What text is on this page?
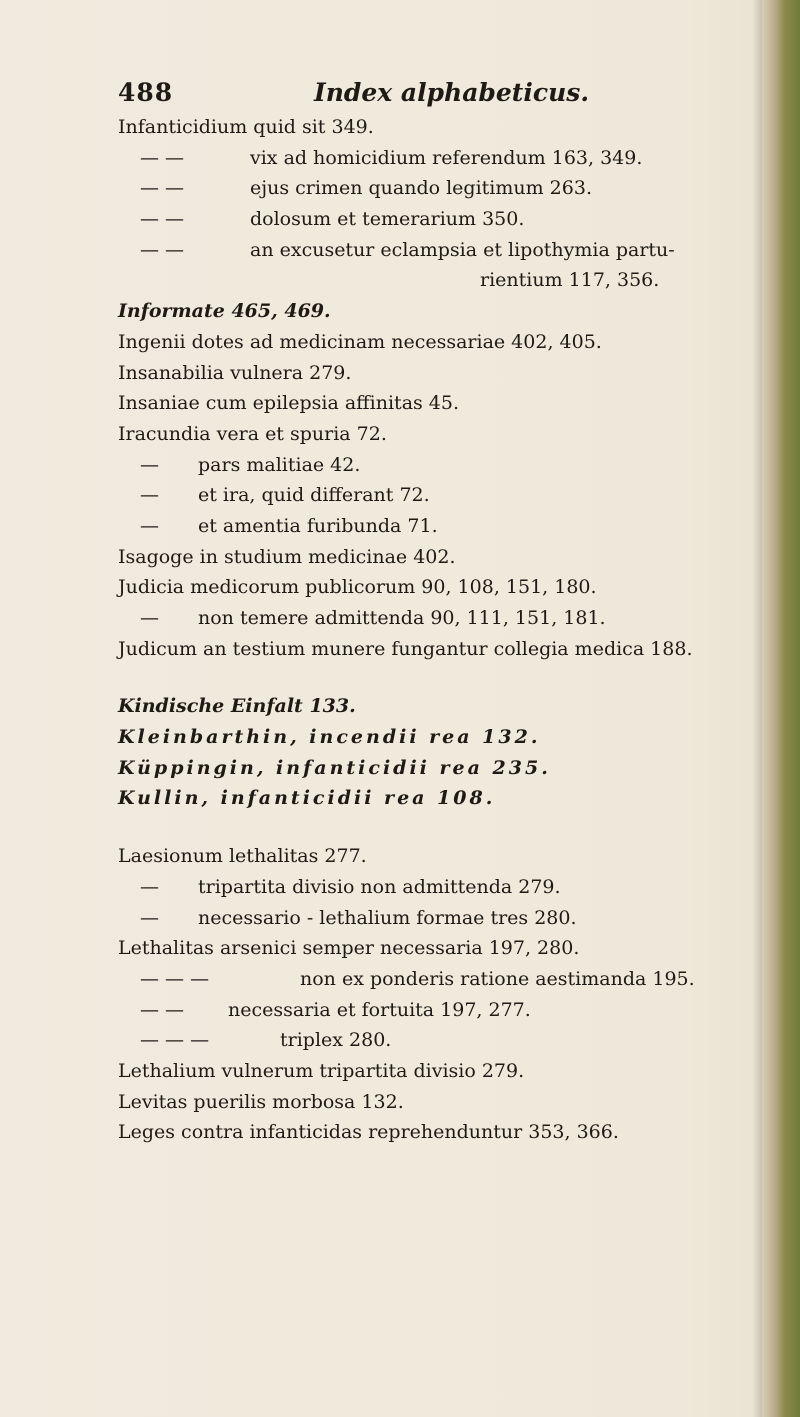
488	Index alphabeticus.
Infanticidium quid sit 349.
— —	vix ad homicidium referendum 163, 349.
— —	ejus crimen quando legitimum 263.
— —	dolosum et temerarium 350.
— —	an excusetur eclampsia et lipothymia partu-
rientium 117, 356.
Informate 465, 469.
Ingenii dotes ad medicinam necessariae 402, 405.
Insanabilia vulnera 279.
Insaniae cum epilepsia affinitas 45.
Iracundia vera et spuria 72.
— pars malitiae 42.
— et ira, quid differant 72.
— et amentia furibunda 71.
Isagoge in studium medicinae 402.
Judicia medicorum publicorum 90, 108, 151, 180.
— non temere admittenda 90, 111, 151, 181.
Judicum an testium munere fungantur collegia medica 188.
Kindische Einfalt 133.
Kleinbarthin, incendii rea 132.
Küppingin, infanticidii rea 235.
Kullin, infanticidii rea 108.
Laesionum lethalitas 277.
— tripartita divisio non admittenda 279.
— necessario - lethalium formae tres 280.
Lethalitas arsenici semper necessaria 197, 280.
— — —	non ex ponderis ratione aestimanda 195.
— — necessaria et fortuita 197, 277.
— — —	triplex 280.
Lethalium vulnerum tripartita divisio 279.
Levitas puerilis morbosa 132.
Leges contra infanticidas reprehenduntur 353, 366.
